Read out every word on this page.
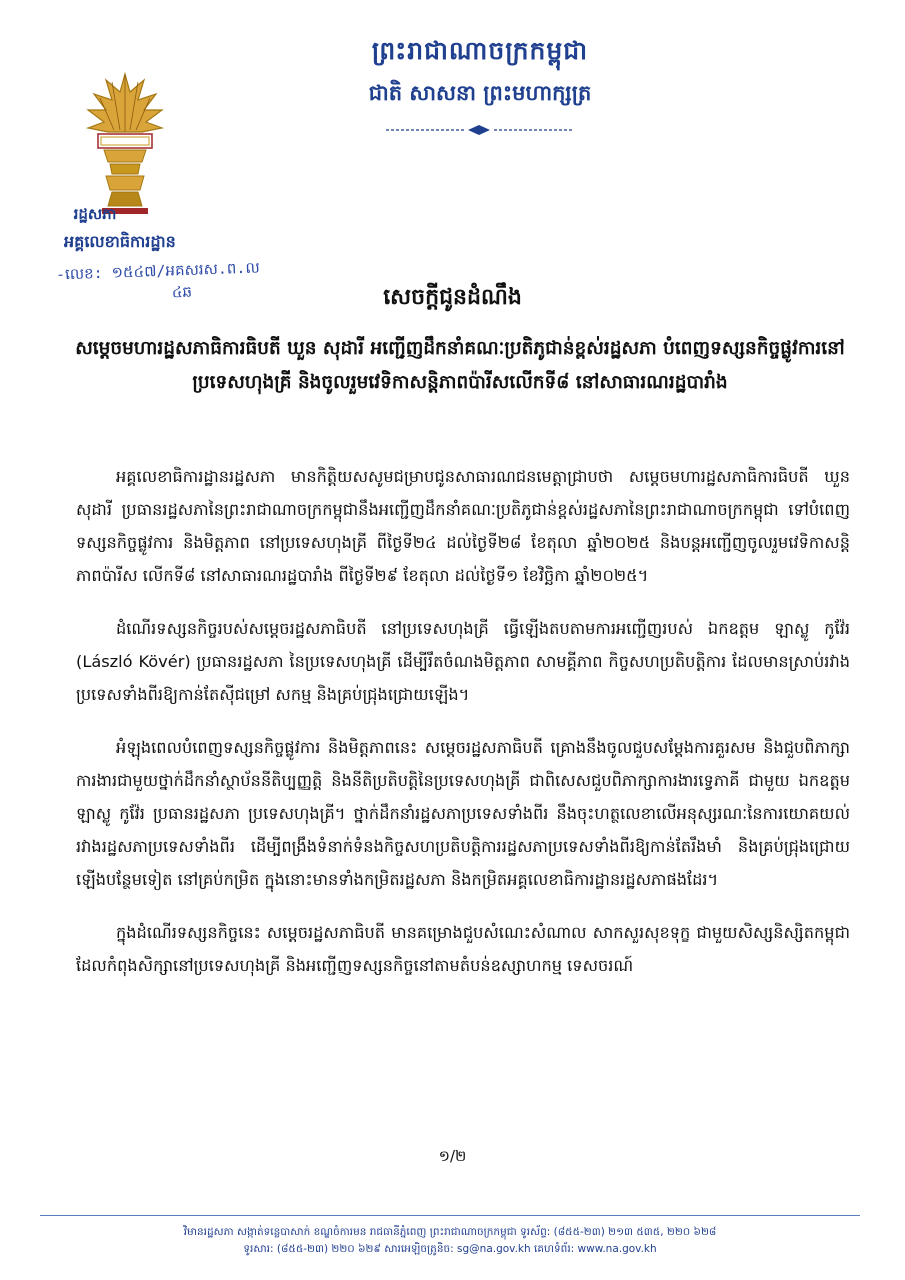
ព្រះរាជាណាចក្រកម្ពុជា
ជាតិ សាសនា ព្រះមហាក្សត្រ
រដ្ឋសភា
អគ្គលេខាធិការដ្ឋាន
-លេខ: ១៥៤៧/អគសរស.ព.ល
៤ឆ	សេចក្ដីជូនដំណឹង
សម្ដេចមហារដ្ឋសភាធិការធិបតី ឃួន សុដារី អញ្ជើញដឹកនាំគណៈប្រតិភូជាន់ខ្ពស់រដ្ឋសភា បំពេញទស្សនកិច្ចផ្លូវការនៅប្រទេសហុងគ្រី និងចូលរួមវេទិកាសន្តិភាពប៉ារីសលើកទី៨ នៅសាធារណរដ្ឋបារាំង

អគ្គលេខាធិការដ្ឋានរដ្ឋសភា មានកិត្តិយសសូមជម្រាបជូនសាធារណជនមេត្តាជ្រាបថា សម្ដេចមហារដ្ឋសភាធិការធិបតី ឃួន សុដារី ប្រធានរដ្ឋសភានៃព្រះរាជាណាចក្រកម្ពុជានឹងអញ្ជើញដឹកនាំគណៈប្រតិភូជាន់ខ្ពស់រដ្ឋសភានៃព្រះរាជាណាចក្រកម្ពុជា ទៅបំពេញទស្សនកិច្ចផ្លូវការ និងមិត្តភាព នៅប្រទេសហុងគ្រី ពីថ្ងៃទី២៤ ដល់ថ្ងៃទី២៨ ខែតុលា ឆ្នាំ២០២៥ និងបន្តអញ្ជើញចូលរួមវេទិកាសន្តិភាពប៉ារីស លើកទី៨ នៅសាធារណរដ្ឋបារាំង ពីថ្ងៃទី២៩ ខែតុលា ដល់ថ្ងៃទី១ ខែវិច្ឆិកា ឆ្នាំ២០២៥។

ដំណើរទស្សនកិច្ចរបស់សម្ដេចរដ្ឋសភាធិបតី នៅប្រទេសហុងគ្រី ធ្វើឡើងតបតាមការអញ្ជើញរបស់ ឯកឧត្ដម ឡាស្លូ កូវ៉ែរ (László Kövér) ប្រធានរដ្ឋសភា នៃប្រទេសហុងគ្រី ដើម្បីរឹតចំណងមិត្តភាព សាមគ្គីភាព កិច្ចសហប្រតិបត្តិការ ដែលមានស្រាប់រវាងប្រទេសទាំងពីរឱ្យកាន់តែស៊ីជម្រៅ សកម្ម និងគ្រប់ជ្រុងជ្រោយឡើង។

អំឡុងពេលបំពេញទស្សនកិច្ចផ្លូវការ និងមិត្តភាពនេះ សម្ដេចរដ្ឋសភាធិបតី គ្រោងនឹងចូលជួបសម្ដែងការគួរសម និងជួបពិភាក្សាការងារជាមួយថ្នាក់ដឹកនាំស្ថាប័ននីតិប្បញ្ញត្តិ និងនីតិប្រតិបត្តិនៃប្រទេសហុងគ្រី ជាពិសេសជួបពិភាក្សាការងារទ្វេភាគី ជាមួយ ឯកឧត្ដម ឡាស្លូ កូវ៉ែរ ប្រធានរដ្ឋសភា ប្រទេសហុងគ្រី។ ថ្នាក់ដឹកនាំរដ្ឋសភាប្រទេសទាំងពីរ នឹងចុះហត្ថលេខាលើអនុស្សរណៈនៃការយោគយល់រវាងរដ្ឋសភាប្រទេសទាំងពីរ ដើម្បីពង្រឹងទំនាក់ទំនងកិច្ចសហប្រតិបត្តិការរដ្ឋសភាប្រទេសទាំងពីរឱ្យកាន់តែរឹងមាំ និងគ្រប់ជ្រុងជ្រោយឡើងបន្ថែមទៀត នៅគ្រប់កម្រិត ក្នុងនោះមានទាំងកម្រិតរដ្ឋសភា និងកម្រិតអគ្គលេខាធិការដ្ឋានរដ្ឋសភាផងដែរ។

ក្នុងដំណើរទស្សនកិច្ចនេះ សម្ដេចរដ្ឋសភាធិបតី មានគម្រោងជួបសំណេះសំណាល សាកសួរសុខទុក្ខ ជាមួយសិស្សនិស្សិតកម្ពុជា ដែលកំពុងសិក្សានៅប្រទេសហុងគ្រី និងអញ្ជើញទស្សនកិច្ចនៅតាមតំបន់ឧស្សាហកម្ម ទេសចរណ៍

១/២
វិមានរដ្ឋសភា សង្កាត់ទន្លេបាសាក់ ខណ្ឌចំការមន រាជធានីភ្នំពេញ ព្រះរាជាណាចក្រកម្ពុជា ទូរស័ព្ទ: (៨៥៥-២៣) ២១៣ ៥៣៥, ២២០ ៦២៨
ទូរសារ: (៨៥៥-២៣) ២២០ ៦២៩ សារអេឡិចត្រូនិច: sg@na.gov.kh គេហទំព័រ: www.na.gov.kh
